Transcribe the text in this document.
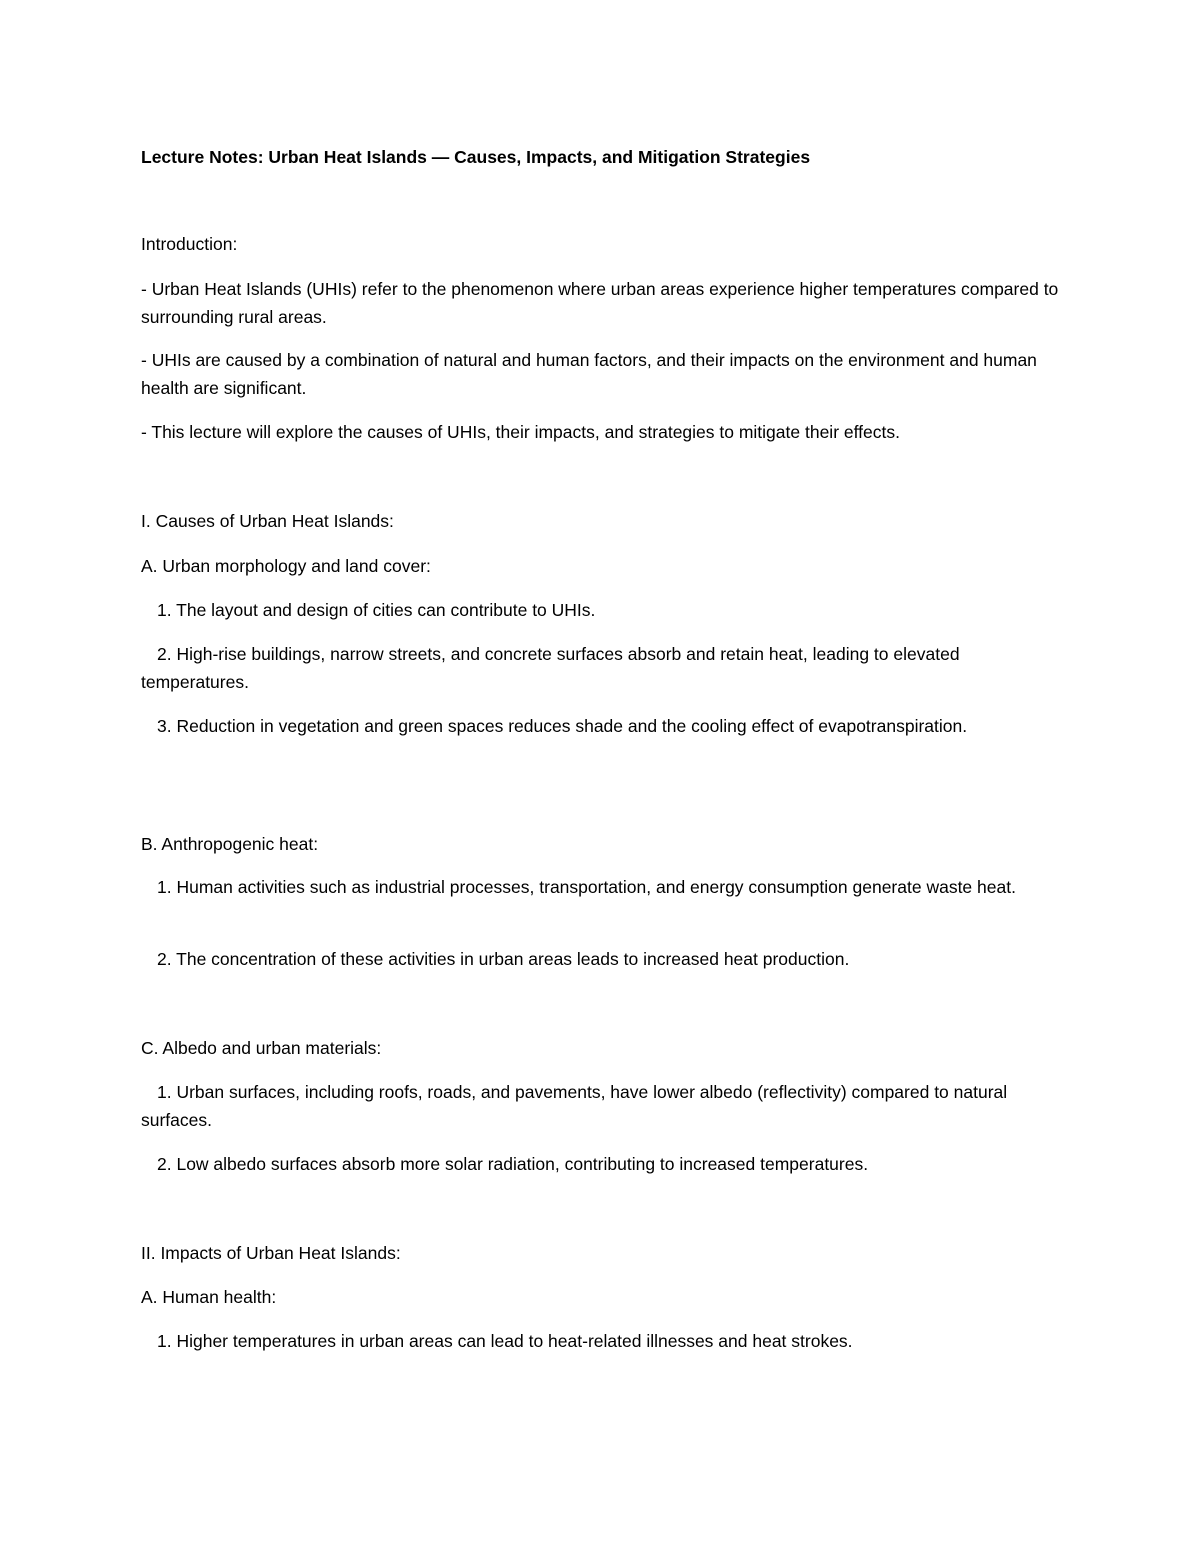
Lecture Notes: Urban Heat Islands — Causes, Impacts, and Mitigation Strategies
Introduction:
- Urban Heat Islands (UHIs) refer to the phenomenon where urban areas experience higher temperatures compared to surrounding rural areas.
- UHIs are caused by a combination of natural and human factors, and their impacts on the environment and human health are significant.
- This lecture will explore the causes of UHIs, their impacts, and strategies to mitigate their effects.
I. Causes of Urban Heat Islands:
A. Urban morphology and land cover:
1. The layout and design of cities can contribute to UHIs.
2. High-rise buildings, narrow streets, and concrete surfaces absorb and retain heat, leading to elevated temperatures.
3. Reduction in vegetation and green spaces reduces shade and the cooling effect of evapotranspiration.
B. Anthropogenic heat:
1. Human activities such as industrial processes, transportation, and energy consumption generate waste heat.
2. The concentration of these activities in urban areas leads to increased heat production.
C. Albedo and urban materials:
1. Urban surfaces, including roofs, roads, and pavements, have lower albedo (reflectivity) compared to natural surfaces.
2. Low albedo surfaces absorb more solar radiation, contributing to increased temperatures.
II. Impacts of Urban Heat Islands:
A. Human health:
1. Higher temperatures in urban areas can lead to heat-related illnesses and heat strokes.
